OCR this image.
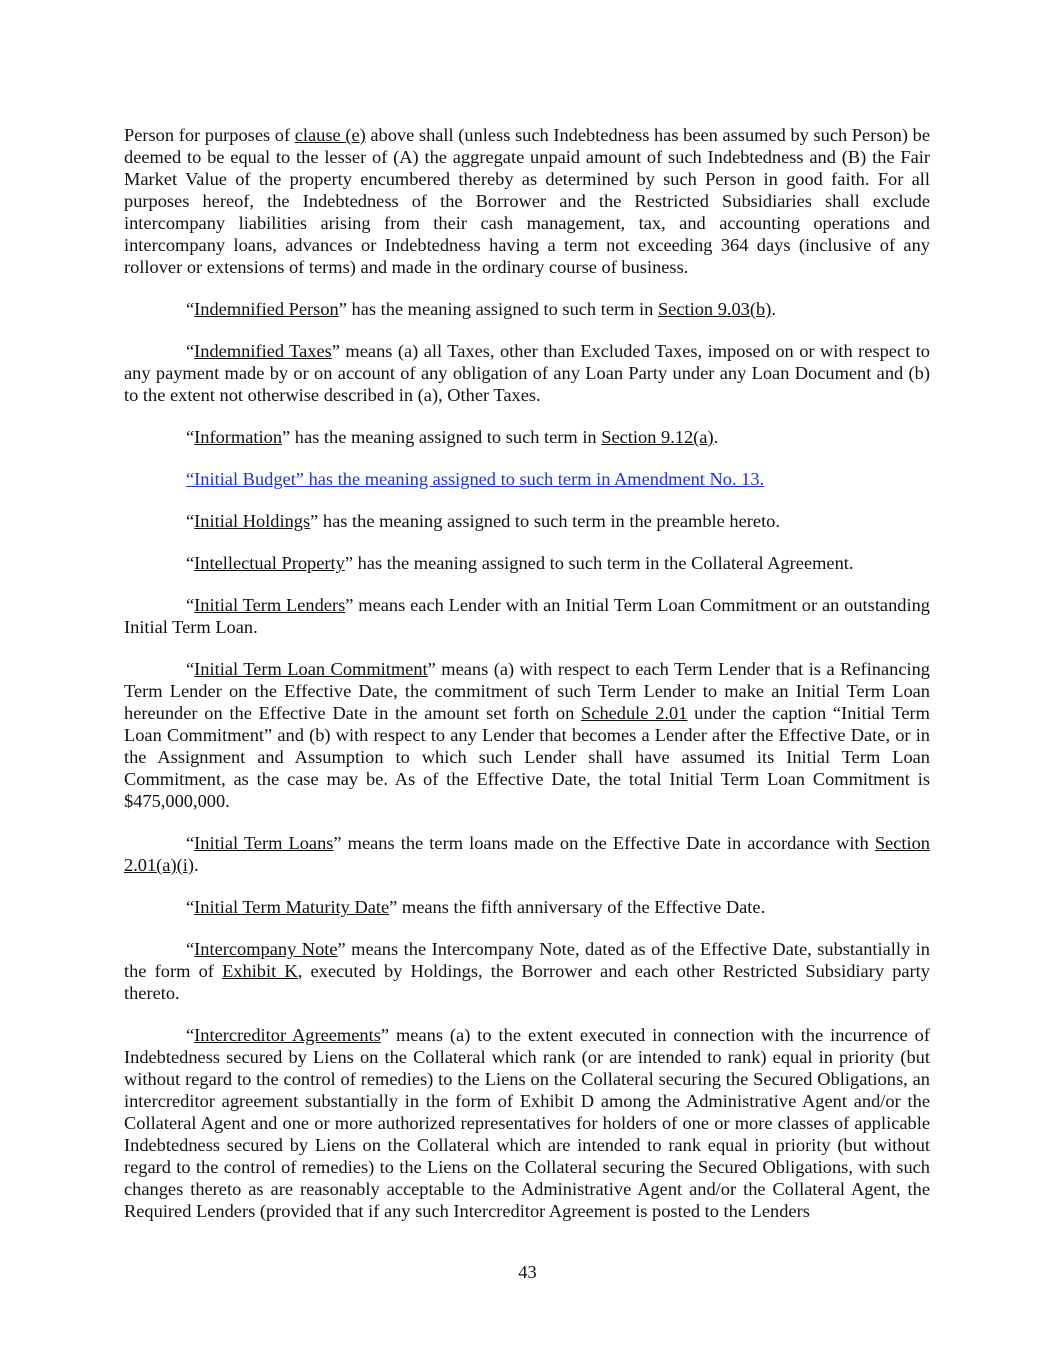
Person for purposes of clause (e) above shall (unless such Indebtedness has been assumed by such Person) be deemed to be equal to the lesser of (A) the aggregate unpaid amount of such Indebtedness and (B) the Fair Market Value of the property encumbered thereby as determined by such Person in good faith. For all purposes hereof, the Indebtedness of the Borrower and the Restricted Subsidiaries shall exclude intercompany liabilities arising from their cash management, tax, and accounting operations and intercompany loans, advances or Indebtedness having a term not exceeding 364 days (inclusive of any rollover or extensions of terms) and made in the ordinary course of business.

“Indemnified Person” has the meaning assigned to such term in Section 9.03(b).

“Indemnified Taxes” means (a) all Taxes, other than Excluded Taxes, imposed on or with respect to any payment made by or on account of any obligation of any Loan Party under any Loan Document and (b) to the extent not otherwise described in (a), Other Taxes.

“Information” has the meaning assigned to such term in Section 9.12(a).

“Initial Budget” has the meaning assigned to such term in Amendment No. 13.

“Initial Holdings” has the meaning assigned to such term in the preamble hereto.

“Intellectual Property” has the meaning assigned to such term in the Collateral Agreement.

“Initial Term Lenders” means each Lender with an Initial Term Loan Commitment or an outstanding Initial Term Loan.

“Initial Term Loan Commitment” means (a) with respect to each Term Lender that is a Refinancing Term Lender on the Effective Date, the commitment of such Term Lender to make an Initial Term Loan hereunder on the Effective Date in the amount set forth on Schedule 2.01 under the caption “Initial Term Loan Commitment” and (b) with respect to any Lender that becomes a Lender after the Effective Date, or in the Assignment and Assumption to which such Lender shall have assumed its Initial Term Loan Commitment, as the case may be. As of the Effective Date, the total Initial Term Loan Commitment is $475,000,000.

“Initial Term Loans” means the term loans made on the Effective Date in accordance with Section 2.01(a)(i).

“Initial Term Maturity Date” means the fifth anniversary of the Effective Date.

“Intercompany Note” means the Intercompany Note, dated as of the Effective Date, substantially in the form of Exhibit K, executed by Holdings, the Borrower and each other Restricted Subsidiary party thereto.

“Intercreditor Agreements” means (a) to the extent executed in connection with the incurrence of Indebtedness secured by Liens on the Collateral which rank (or are intended to rank) equal in priority (but without regard to the control of remedies) to the Liens on the Collateral securing the Secured Obligations, an intercreditor agreement substantially in the form of Exhibit D among the Administrative Agent and/or the Collateral Agent and one or more authorized representatives for holders of one or more classes of applicable Indebtedness secured by Liens on the Collateral which are intended to rank equal in priority (but without regard to the control of remedies) to the Liens on the Collateral securing the Secured Obligations, with such changes thereto as are reasonably acceptable to the Administrative Agent and/or the Collateral Agent, the Required Lenders (provided that if any such Intercreditor Agreement is posted to the Lenders

43
